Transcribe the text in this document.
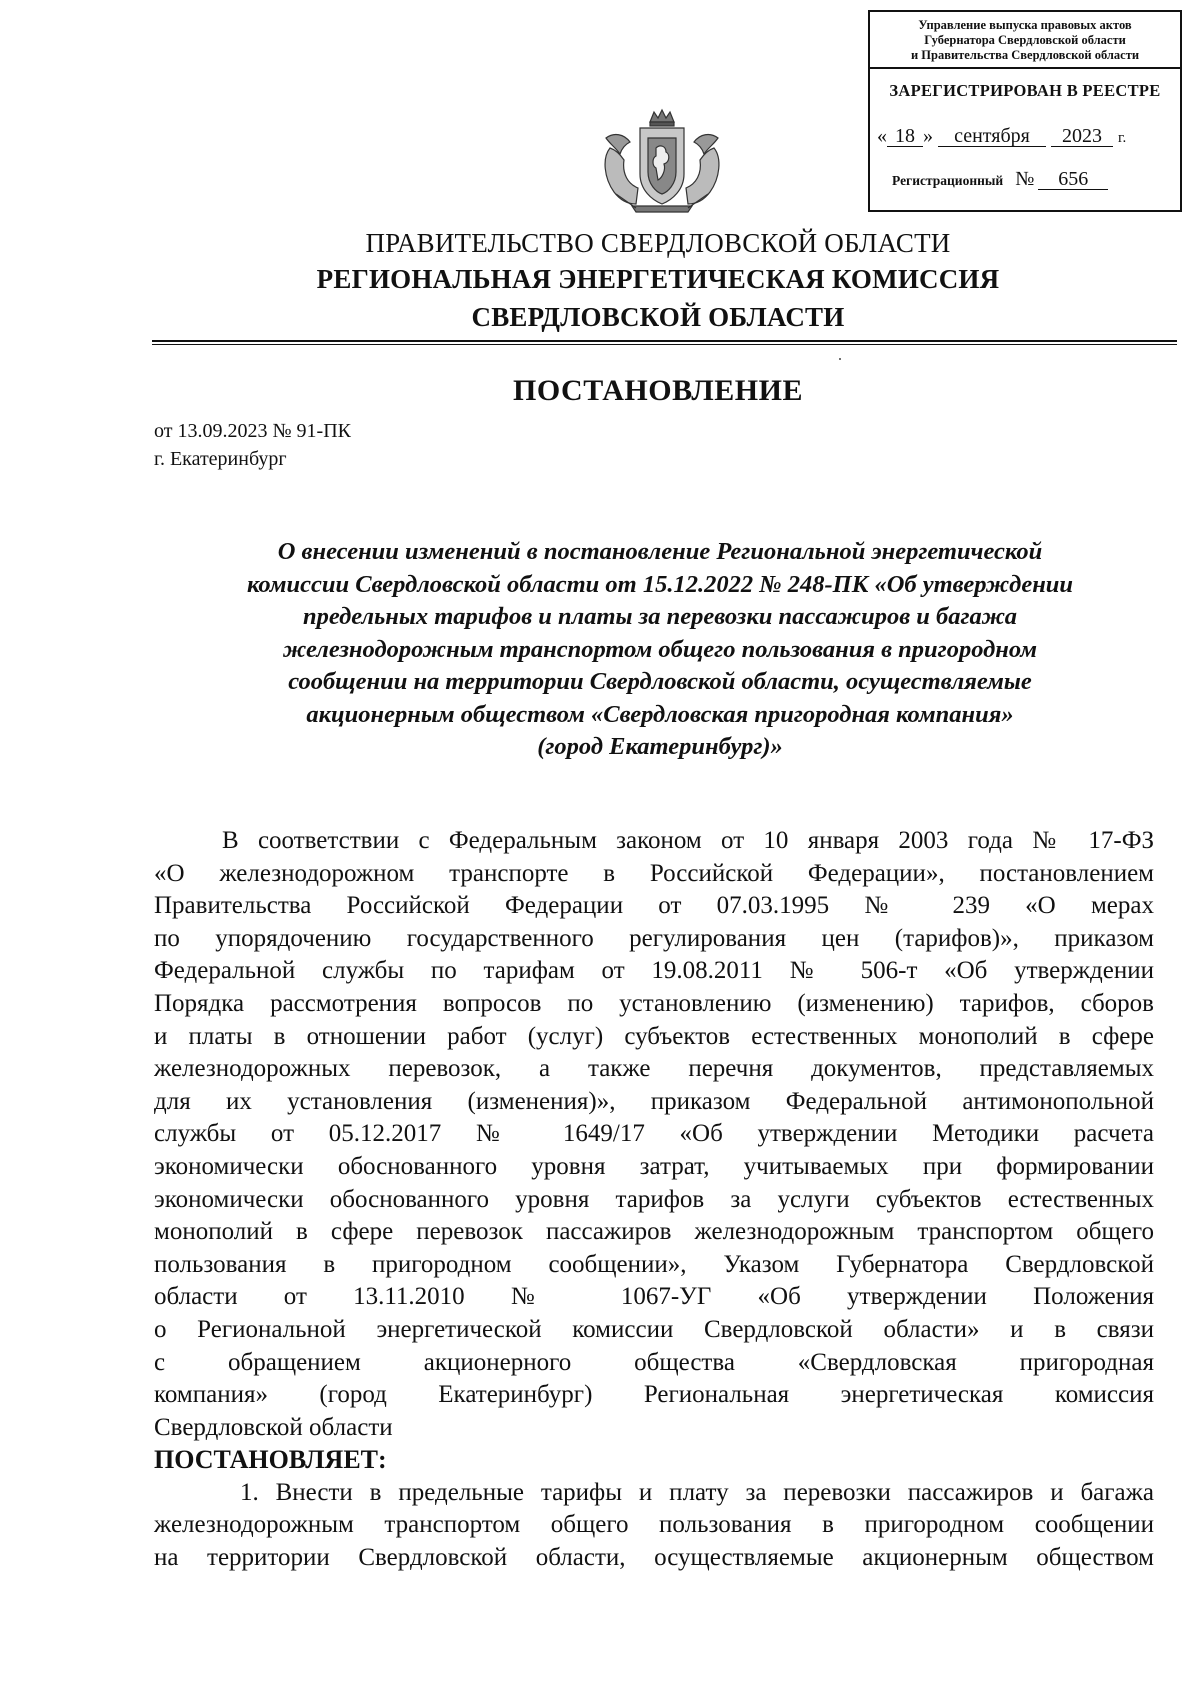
Управление выпуска правовых актов
Губернатора Свердловской области
и Правительства Свердловской области
ЗАРЕГИСТРИРОВАН В РЕЕСТРЕ
« 18 » сентября 2023 г.
Регистрационный № 656
ПРАВИТЕЛЬСТВО СВЕРДЛОВСКОЙ ОБЛАСТИ
РЕГИОНАЛЬНАЯ ЭНЕРГЕТИЧЕСКАЯ КОМИССИЯ
СВЕРДЛОВСКОЙ ОБЛАСТИ
ПОСТАНОВЛЕНИЕ
от 13.09.2023 № 91-ПК
г. Екатеринбург
О внесении изменений в постановление Региональной энергетической
комиссии Свердловской области от 15.12.2022 № 248-ПК «Об утверждении
предельных тарифов и платы за перевозки пассажиров и багажа
железнодорожным транспортом общего пользования в пригородном
сообщении на территории Свердловской области, осуществляемые
акционерным обществом «Свердловская пригородная компания»
(город Екатеринбург)»
В соответствии с Федеральным законом от 10 января 2003 года № 17-ФЗ
«О железнодорожном транспорте в Российской Федерации», постановлением
Правительства Российской Федерации от 07.03.1995 № 239 «О мерах
по упорядочению государственного регулирования цен (тарифов)», приказом
Федеральной службы по тарифам от 19.08.2011 № 506-т «Об утверждении
Порядка рассмотрения вопросов по установлению (изменению) тарифов, сборов
и платы в отношении работ (услуг) субъектов естественных монополий в сфере
железнодорожных перевозок, а также перечня документов, представляемых
для их установления (изменения)», приказом Федеральной антимонопольной
службы от 05.12.2017 № 1649/17 «Об утверждении Методики расчета
экономически обоснованного уровня затрат, учитываемых при формировании
экономически обоснованного уровня тарифов за услуги субъектов естественных
монополий в сфере перевозок пассажиров железнодорожным транспортом общего
пользования в пригородном сообщении», Указом Губернатора Свердловской
области от 13.11.2010 № 1067-УГ «Об утверждении Положения
о Региональной энергетической комиссии Свердловской области» и в связи
с обращением акционерного общества «Свердловская пригородная
компания» (город Екатеринбург) Региональная энергетическая комиссия
Свердловской области
ПОСТАНОВЛЯЕТ:
1. Внести в предельные тарифы и плату за перевозки пассажиров и багажа
железнодорожным транспортом общего пользования в пригородном сообщении
на территории Свердловской области, осуществляемые акционерным обществом
